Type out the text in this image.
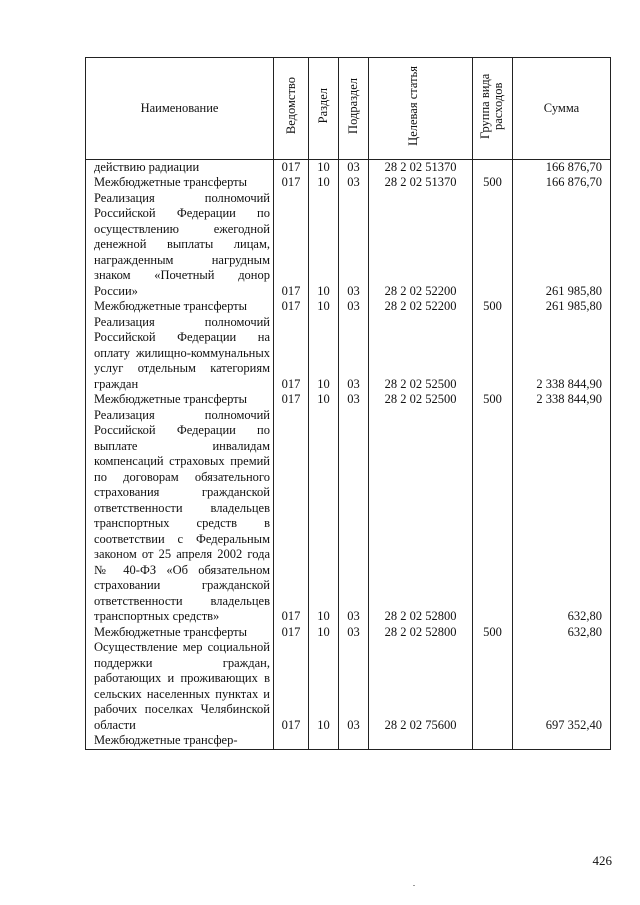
Наименование	Ведомство	Раздел	Подраздел	Целевая статья	Группа вида расходов	Сумма
действию радиации	017	10	03	28 2 02 51370		166 876,70
Межбюджетные трансферты	017	10	03	28 2 02 51370	500	166 876,70
Реализация полномочий Российской Федерации по осуществлению ежегодной денежной выплаты лицам, награжденным нагрудным знаком «Почетный донор России»	017	10	03	28 2 02 52200		261 985,80
Межбюджетные трансферты	017	10	03	28 2 02 52200	500	261 985,80
Реализация полномочий Российской Федерации на оплату жилищно-коммунальных услуг отдельным категориям граждан	017	10	03	28 2 02 52500		2 338 844,90
Межбюджетные трансферты	017	10	03	28 2 02 52500	500	2 338 844,90
Реализация полномочий Российской Федерации по выплате инвалидам компенсаций страховых премий по договорам обязательного страхования гражданской ответственности владельцев транспортных средств в соответствии с Федеральным законом от 25 апреля 2002 года № 40-ФЗ «Об обязательном страховании гражданской ответственности владельцев транспортных средств»	017	10	03	28 2 02 52800		632,80
Межбюджетные трансферты	017	10	03	28 2 02 52800	500	632,80
Осуществление мер социальной поддержки граждан, работающих и проживающих в сельских населенных пунктах и рабочих поселках Челябинской области	017	10	03	28 2 02 75600		697 352,40
Межбюджетные трансфер-						
426
